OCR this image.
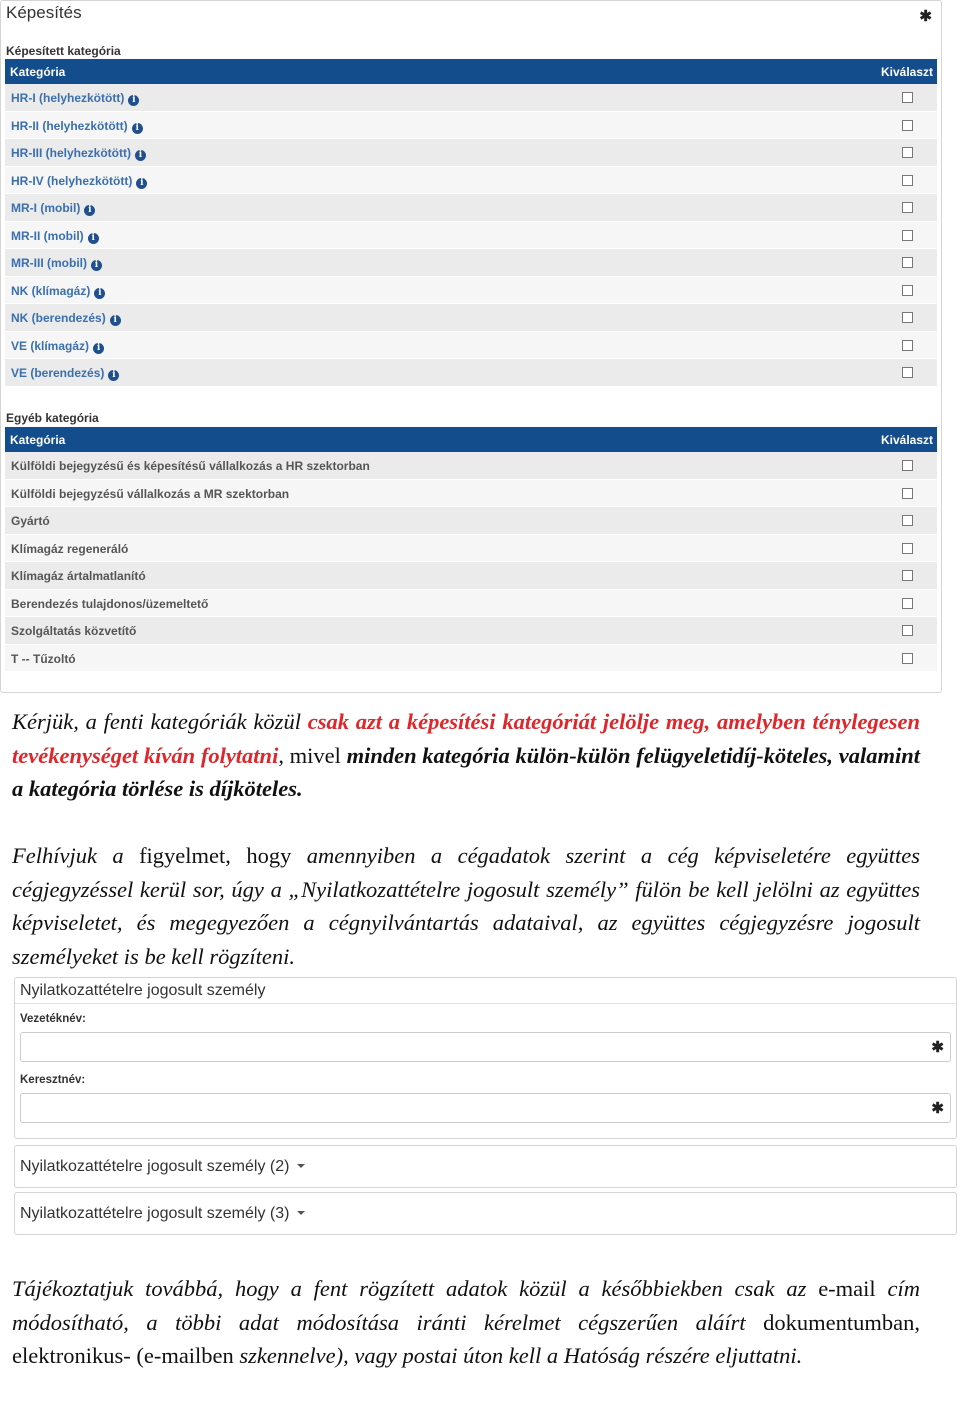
Képesítés	✱
Képesített kategória
Kategória	Kiválaszt
HR-I (helyhezkötött) i
HR-II (helyhezkötött) i
HR-III (helyhezkötött) i
HR-IV (helyhezkötött) i
MR-I (mobil) i
MR-II (mobil) i
MR-III (mobil) i
NK (klímagáz) i
NK (berendezés) i
VE (klímagáz) i
VE (berendezés) i
Egyéb kategória
Kategória	Kiválaszt
Külföldi bejegyzésű és képesítésű vállalkozás a HR szektorban
Külföldi bejegyzésű vállalkozás a MR szektorban
Gyártó
Klímagáz regeneráló
Klímagáz ártalmatlanító
Berendezés tulajdonos/üzemeltető
Szolgáltatás közvetítő
T -- Tűzoltó

Kérjük, a fenti kategóriák közül csak azt a képesítési kategóriát jelölje meg, amelyben ténylegesen tevékenységet kíván folytatni, mivel minden kategória külön-külön felügyeletidíj-köteles, valamint a kategória törlése is díjköteles.

Felhívjuk a figyelmet, hogy amennyiben a cégadatok szerint a cég képviseletére együttes cégjegyzéssel kerül sor, úgy a „Nyilatkozattételre jogosult személy” fülön be kell jelölni az együttes képviseletet, és megegyezően a cégnyilvántartás adataival, az együttes cégjegyzésre jogosult személyeket is be kell rögzíteni.

Nyilatkozattételre jogosult személy
Vezetéknév:
✱
Keresztnév:
✱
Nyilatkozattételre jogosult személy (2)
Nyilatkozattételre jogosult személy (3)

Tájékoztatjuk továbbá, hogy a fent rögzített adatok közül a későbbiekben csak az e-mail cím módosítható, a többi adat módosítása iránti kérelmet cégszerűen aláírt dokumentumban, elektronikus- (e-mailben szkennelve), vagy postai úton kell a Hatóság részére eljuttatni.
